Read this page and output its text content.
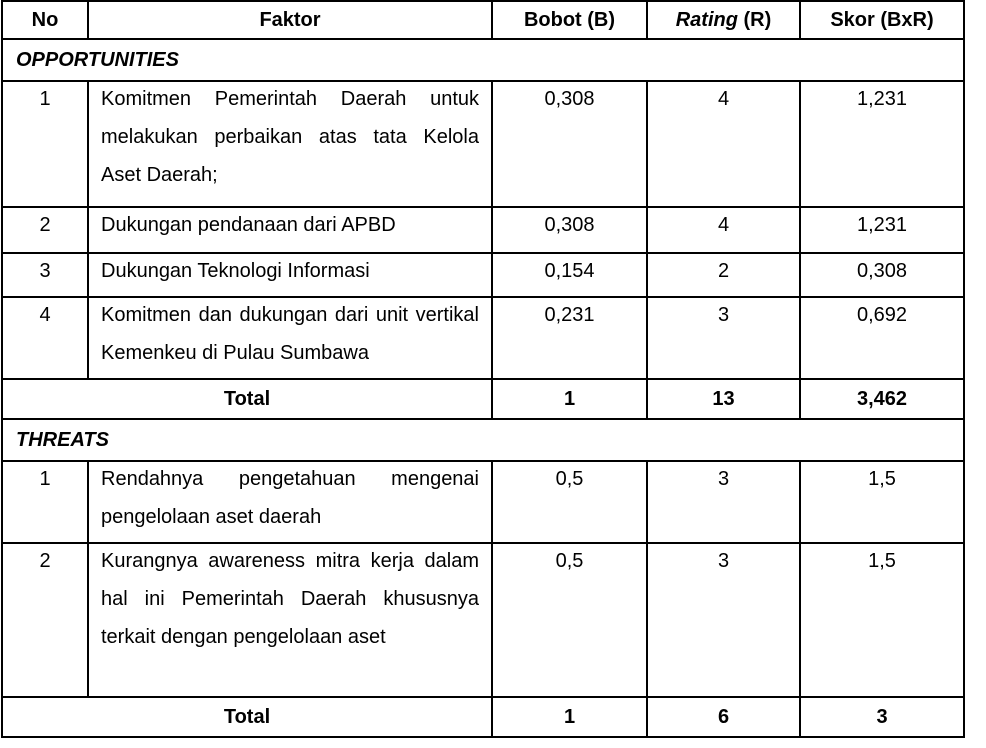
No	Faktor	Bobot (B)	Rating (R)	Skor (BxR)
OPPORTUNITIES				
1	Komitmen Pemerintah Daerah untuk melakukan perbaikan atas tata Kelola Aset Daerah;	0,308	4	1,231
2	Dukungan pendanaan dari APBD	0,308	4	1,231
3	Dukungan Teknologi Informasi	0,154	2	0,308
4	Komitmen dan dukungan dari unit vertikal Kemenkeu di Pulau Sumbawa	0,231	3	0,692
Total		1	13	3,462
THREATS				
1	Rendahnya pengetahuan mengenai pengelolaan aset daerah	0,5	3	1,5
2	Kurangnya awareness mitra kerja dalam hal ini Pemerintah Daerah khususnya terkait dengan pengelolaan aset	0,5	3	1,5
Total		1	6	3
